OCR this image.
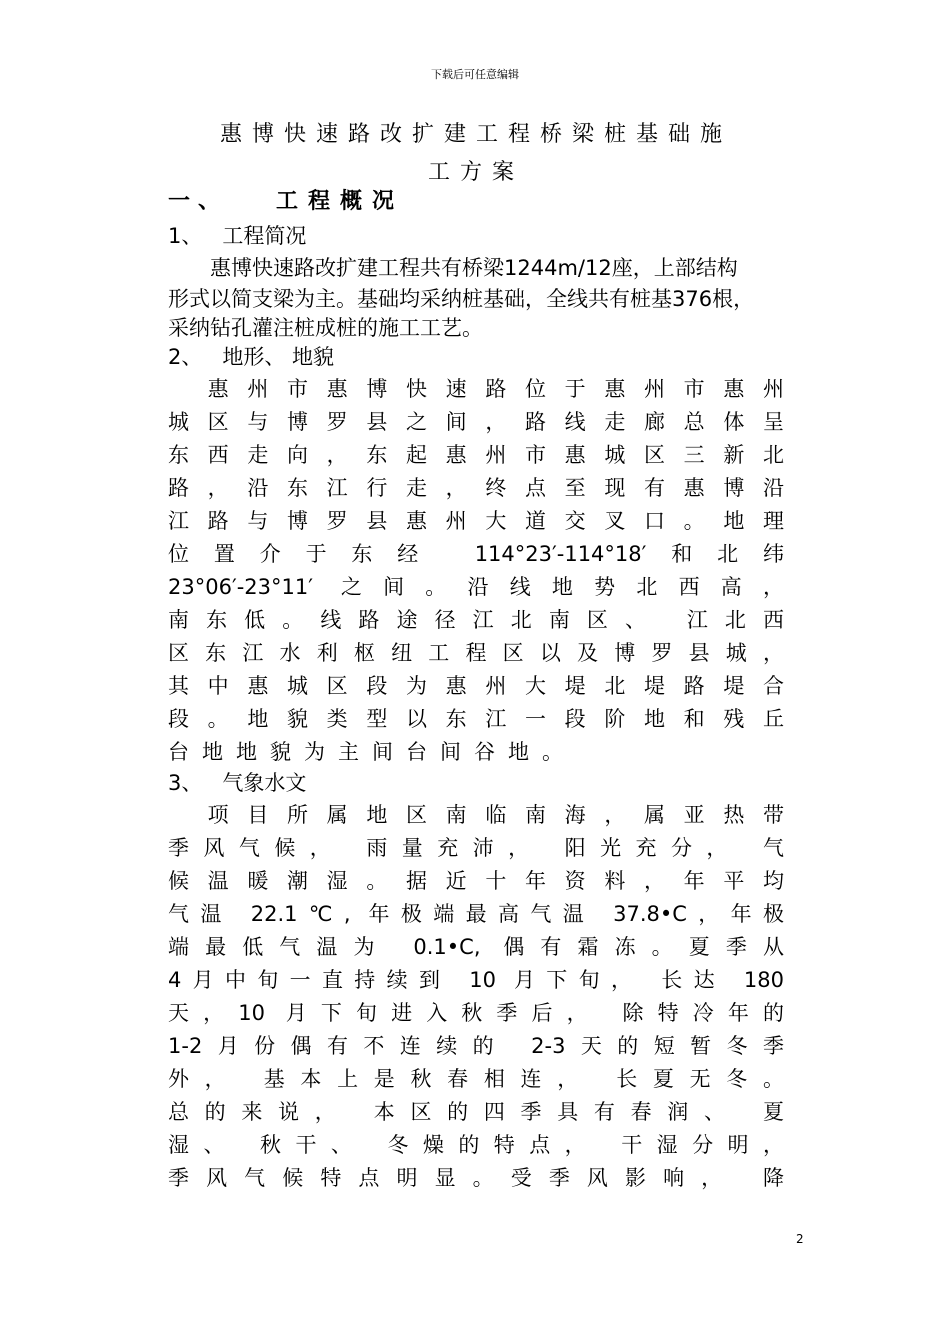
下载后可任意编辑
惠博快速路改扩建工程桥梁桩基础施
工方案
一、 工程概况
1、 工程简况
　　惠博快速路改扩建工程共有桥梁1244m/12座，上部结构
形式以简支梁为主。基础均采纳桩基础，全线共有桩基376根，
采纳钻孔灌注桩成桩的施工工艺。
2、 地形、 地貌
　惠州市惠博快速路位于惠州市惠州
城区与博罗县之间，路线走廊总体呈
东西走向，东起惠州市惠城区三新北
路，沿东江行走，终点至现有惠博沿
江路与博罗县惠州大道交叉口。地理
位置介于东经 114°23′-114°18′和北纬
23°06′-23°11′ 之间。沿线地势北西高，
南东低。线路途径江北南区、 江北西
区东江水利枢纽工程区以及博罗县城，
其中惠城区段为惠州大堤北堤路堤合
段。地貌类型以东江一段阶地和残丘
台地地貌为主间台间谷地。
3、 气象水文
　项目所属地区南临南海，属亚热带
季风气候， 雨量充沛， 阳光充分， 气
候温暖潮湿。据近十年资料，年平均
气温 22.1℃, 年极端最高气温 37.8•C，年极
端最低气温为 0.1•C, 偶有霜冻。夏季从
4月中旬一直持续到 10 月下旬， 长达 180
天，10 月下旬进入秋季后， 除特冷年的
1-2月份偶有不连续的 2-3天的短暂冬季
外， 基本上是秋春相连， 长夏无冬。
总的来说， 本区的四季具有春润、 夏
湿、 秋干、 冬燥的特点， 干湿分明，
季风气候特点明显。受季风影响， 降
2
